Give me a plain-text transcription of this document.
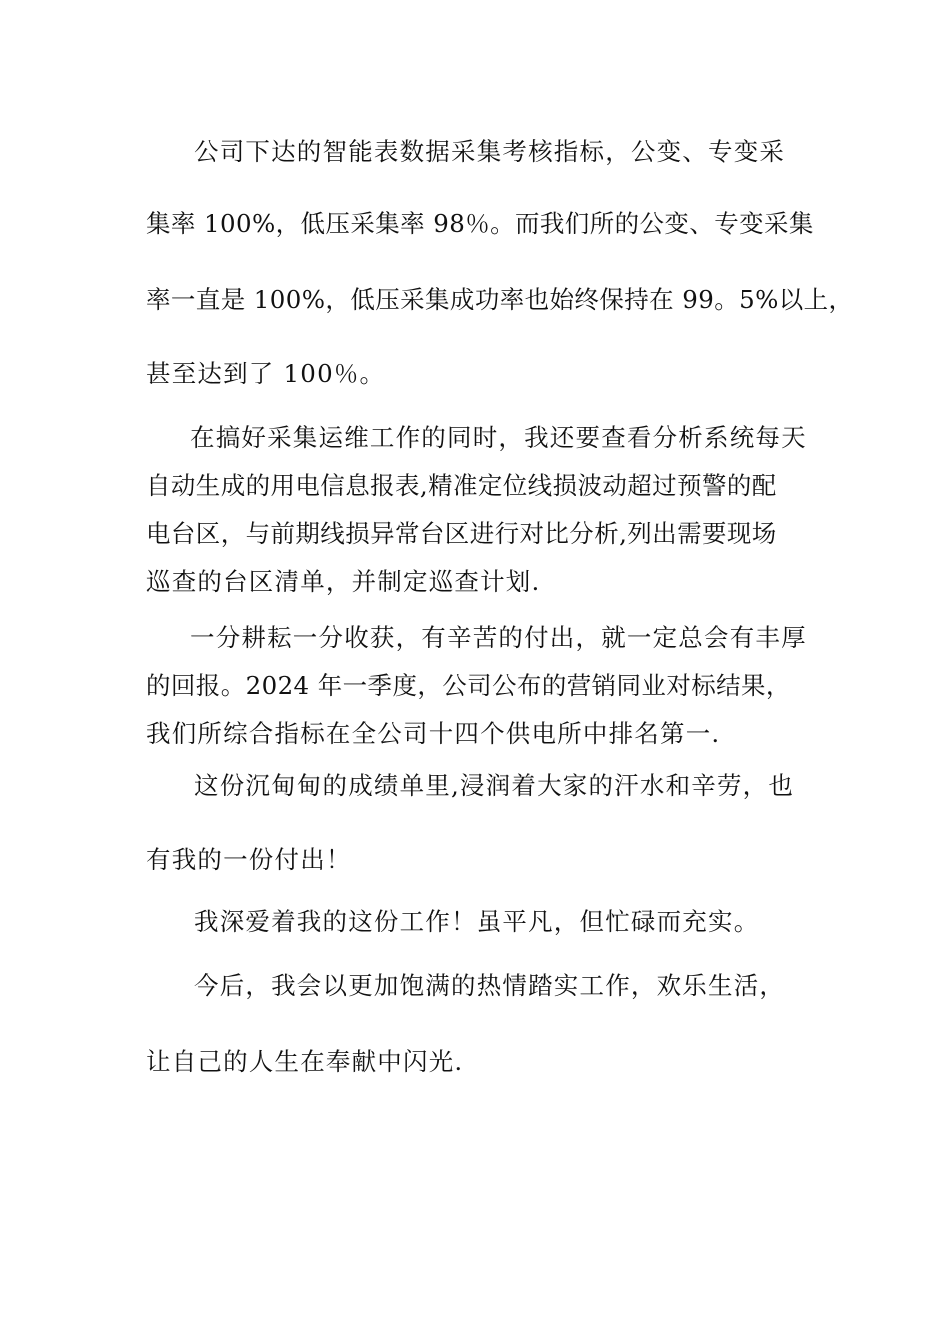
公司下达的智能表数据采集考核指标，公变、专变采
集率 100%，低压采集率 98％。而我们所的公变、专变采集
率一直是 100%，低压采集成功率也始终保持在 99。5%以上，
甚至达到了 100％。
在搞好采集运维工作的同时，我还要查看分析系统每天
自动生成的用电信息报表,精准定位线损波动超过预警的配
电台区，与前期线损异常台区进行对比分析,列出需要现场
巡查的台区清单，并制定巡查计划.
一分耕耘一分收获，有辛苦的付出，就一定总会有丰厚
的回报。2024 年一季度，公司公布的营销同业对标结果，
我们所综合指标在全公司十四个供电所中排名第一.
这份沉甸甸的成绩单里,浸润着大家的汗水和辛劳，也
有我的一份付出！
我深爱着我的这份工作！虽平凡，但忙碌而充实。
今后，我会以更加饱满的热情踏实工作，欢乐生活，
让自己的人生在奉献中闪光.
